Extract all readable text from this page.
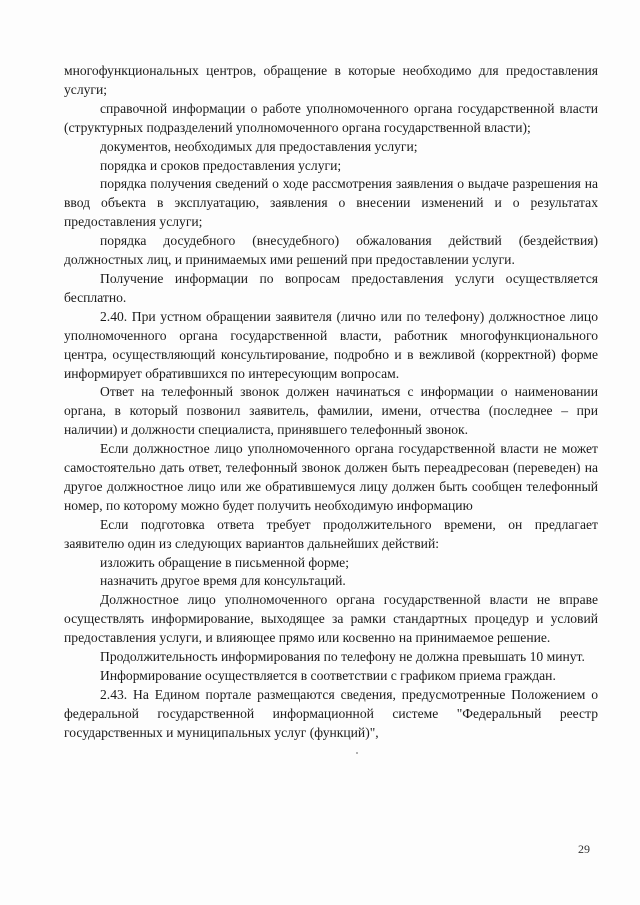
многофункциональных центров, обращение в которые необходимо для предоставления услуги;

справочной информации о работе уполномоченного органа государственной власти (структурных подразделений уполномоченного органа государственной власти);

документов, необходимых для предоставления услуги;

порядка и сроков предоставления услуги;

порядка получения сведений о ходе рассмотрения заявления о выдаче разрешения на ввод объекта в эксплуатацию, заявления о внесении изменений и о результатах предоставления услуги;

порядка досудебного (внесудебного) обжалования действий (бездействия) должностных лиц, и принимаемых ими решений при предоставлении услуги.

Получение информации по вопросам предоставления услуги осуществляется бесплатно.

2.40. При устном обращении заявителя (лично или по телефону) должностное лицо уполномоченного органа государственной власти, работник многофункционального центра, осуществляющий консультирование, подробно и в вежливой (корректной) форме информирует обратившихся по интересующим вопросам.

Ответ на телефонный звонок должен начинаться с информации о наименовании органа, в который позвонил заявитель, фамилии, имени, отчества (последнее – при наличии) и должности специалиста, принявшего телефонный звонок.

Если должностное лицо уполномоченного органа государственной власти не может самостоятельно дать ответ, телефонный звонок должен быть переадресован (переведен) на другое должностное лицо или же обратившемуся лицу должен быть сообщен телефонный номер, по которому можно будет получить необходимую информацию

Если подготовка ответа требует продолжительного времени, он предлагает заявителю один из следующих вариантов дальнейших действий:

изложить обращение в письменной форме;

назначить другое время для консультаций.

Должностное лицо уполномоченного органа государственной власти не вправе осуществлять информирование, выходящее за рамки стандартных процедур и условий предоставления услуги, и влияющее прямо или косвенно на принимаемое решение.

Продолжительность информирования по телефону не должна превышать 10 минут.

Информирование осуществляется в соответствии с графиком приема граждан.

2.43. На Едином портале размещаются сведения, предусмотренные Положением о федеральной государственной информационной системе "Федеральный реестр государственных и муниципальных услуг (функций)",

29
